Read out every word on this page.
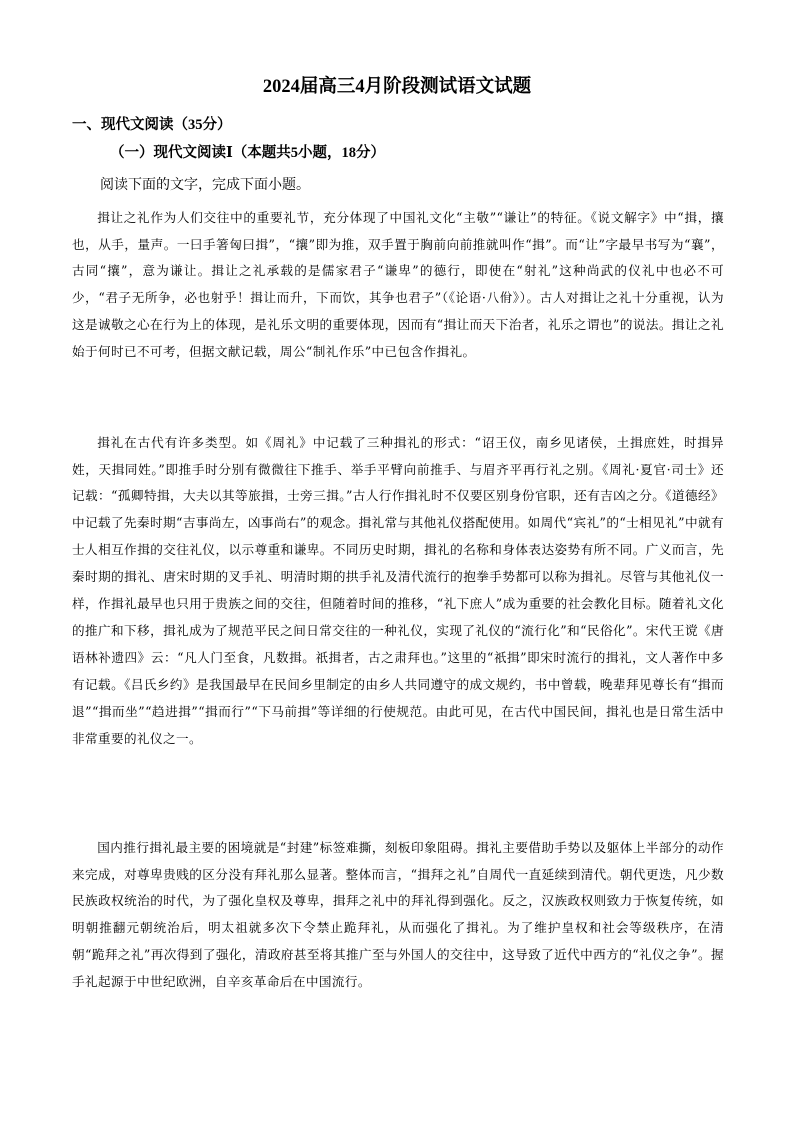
2024届高三4月阶段测试语文试题
一、现代文阅读（35分）
（一）现代文阅读Ⅰ（本题共5小题，18分）
阅读下面的文字，完成下面小题。

揖让之礼作为人们交往中的重要礼节，充分体现了中国礼文化“主敬”“谦让”的特征。《说文解字》中“揖，攘也，从手，量声。一曰手箸匈曰揖”，“攘”即为推，双手置于胸前向前推就叫作“揖”。而“让”字最早书写为“襄”，古同“攘”，意为谦让。揖让之礼承载的是儒家君子“谦卑”的德行，即使在“射礼”这种尚武的仪礼中也必不可少，“君子无所争，必也射乎！揖让而升，下而饮，其争也君子”（《论语·八佾》）。古人对揖让之礼十分重视，认为这是诚敬之心在行为上的体现，是礼乐文明的重要体现，因而有“揖让而天下治者，礼乐之谓也”的说法。揖让之礼始于何时已不可考，但据文献记载，周公“制礼作乐”中已包含作揖礼。

揖礼在古代有许多类型。如《周礼》中记载了三种揖礼的形式：“诏王仪，南乡见诸侯，土揖庶姓，时揖异姓，天揖同姓。”即推手时分别有微微往下推手、举手平臂向前推手、与眉齐平再行礼之别。《周礼·夏官·司士》还记载：“孤卿特揖，大夫以其等旅揖，士旁三揖。”古人行作揖礼时不仅要区别身份官职，还有吉凶之分。《道德经》中记载了先秦时期“吉事尚左，凶事尚右”的观念。揖礼常与其他礼仪搭配使用。如周代“宾礼”的“士相见礼”中就有士人相互作揖的交往礼仪，以示尊重和谦卑。不同历史时期，揖礼的名称和身体表达姿势有所不同。广义而言，先秦时期的揖礼、唐宋时期的叉手礼、明清时期的拱手礼及清代流行的抱拳手势都可以称为揖礼。尽管与其他礼仪一样，作揖礼最早也只用于贵族之间的交往，但随着时间的推移，“礼下庶人”成为重要的社会教化目标。随着礼文化的推广和下移，揖礼成为了规范平民之间日常交往的一种礼仪，实现了礼仪的“流行化”和“民俗化”。宋代王谠《唐语林补遗四》云：“凡人门至食，凡数揖。祇揖者，古之肃拜也。”这里的“祇揖”即宋时流行的揖礼，文人著作中多有记载。《吕氏乡约》是我国最早在民间乡里制定的由乡人共同遵守的成文规约，书中曾载，晚辈拜见尊长有“揖而退”“揖而坐”“趋进揖”“揖而行”“下马前揖”等详细的行使规范。由此可见，在古代中国民间，揖礼也是日常生活中非常重要的礼仪之一。

国内推行揖礼最主要的困境就是“封建”标签难撕，刻板印象阻碍。揖礼主要借助手势以及躯体上半部分的动作来完成，对尊卑贵贱的区分没有拜礼那么显著。整体而言，“揖拜之礼”自周代一直延续到清代。朝代更迭，凡少数民族政权统治的时代，为了强化皇权及尊卑，揖拜之礼中的拜礼得到强化。反之，汉族政权则致力于恢复传统，如明朝推翻元朝统治后，明太祖就多次下令禁止跪拜礼，从而强化了揖礼。为了维护皇权和社会等级秩序，在清朝“跪拜之礼”再次得到了强化，清政府甚至将其推广至与外国人的交往中，这导致了近代中西方的“礼仪之争”。握手礼起源于中世纪欧洲，自辛亥革命后在中国流行。
